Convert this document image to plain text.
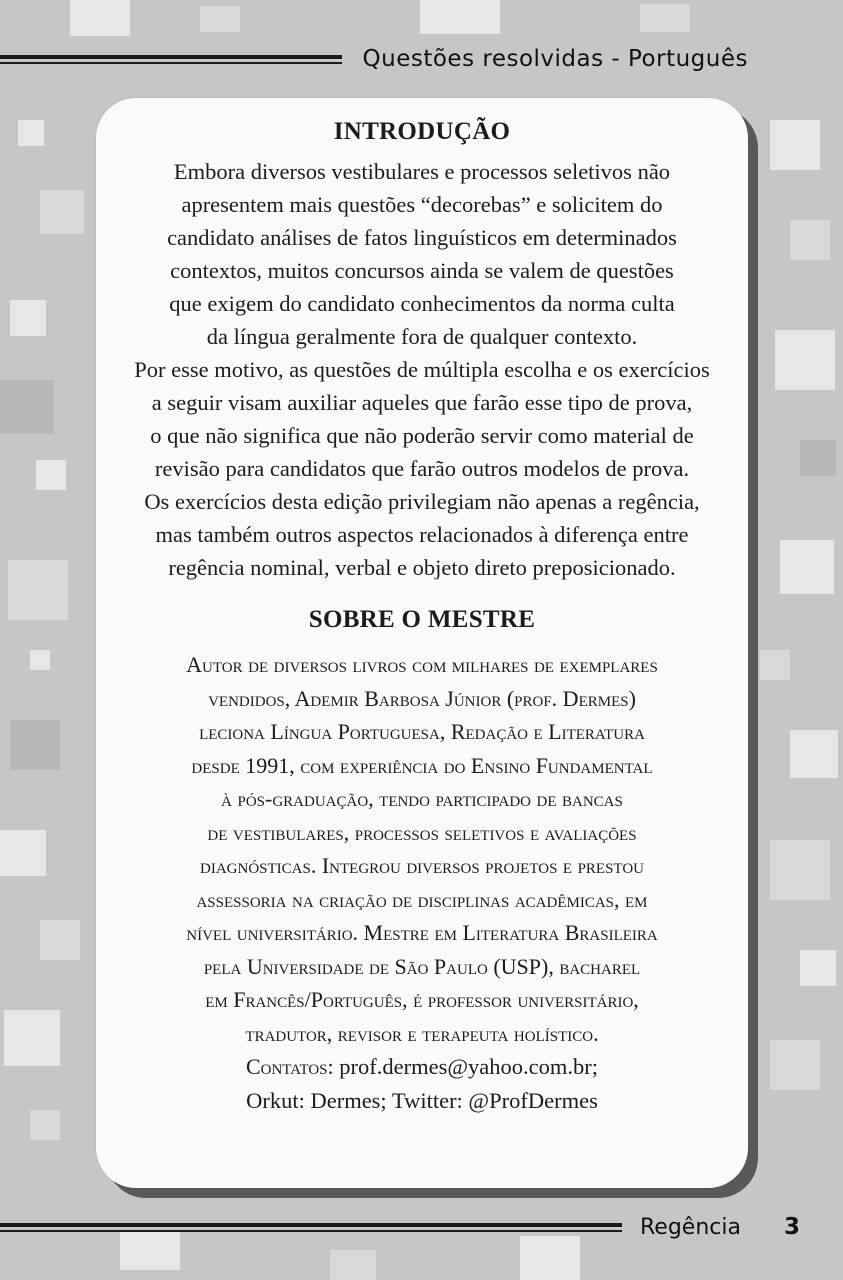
Questões resolvidas - Português
INTRODUÇÃO

Embora diversos vestibulares e processos seletivos não

apresentem mais questões “decorebas” e solicitem do

candidato análises de fatos linguísticos em determinados

contextos, muitos concursos ainda se valem de questões

que exigem do candidato conhecimentos da norma culta

da língua geralmente fora de qualquer contexto.

Por esse motivo, as questões de múltipla escolha e os exercícios

a seguir visam auxiliar aqueles que farão esse tipo de prova,

o que não significa que não poderão servir como material de

revisão para candidatos que farão outros modelos de prova.

Os exercícios desta edição privilegiam não apenas a regência,

mas também outros aspectos relacionados à diferença entre

regência nominal, verbal e objeto direto preposicionado.

SOBRE O MESTRE

Autor de diversos livros com milhares de exemplares

vendidos, Ademir Barbosa Júnior (prof. Dermes)

leciona Língua Portuguesa, Redação e Literatura

desde 1991, com experiência do Ensino Fundamental

à pós-graduação, tendo participado de bancas

de vestibulares, processos seletivos e avaliações

diagnósticas. Integrou diversos projetos e prestou

assessoria na criação de disciplinas acadêmicas, em

nível universitário. Mestre em Literatura Brasileira

pela Universidade de São Paulo (USP), bacharel

em Francês/Português, é professor universitário,

tradutor, revisor e terapeuta holístico.

Contatos: prof.dermes@yahoo.com.br;

Orkut: Dermes; Twitter: @ProfDermes

Regência 3
